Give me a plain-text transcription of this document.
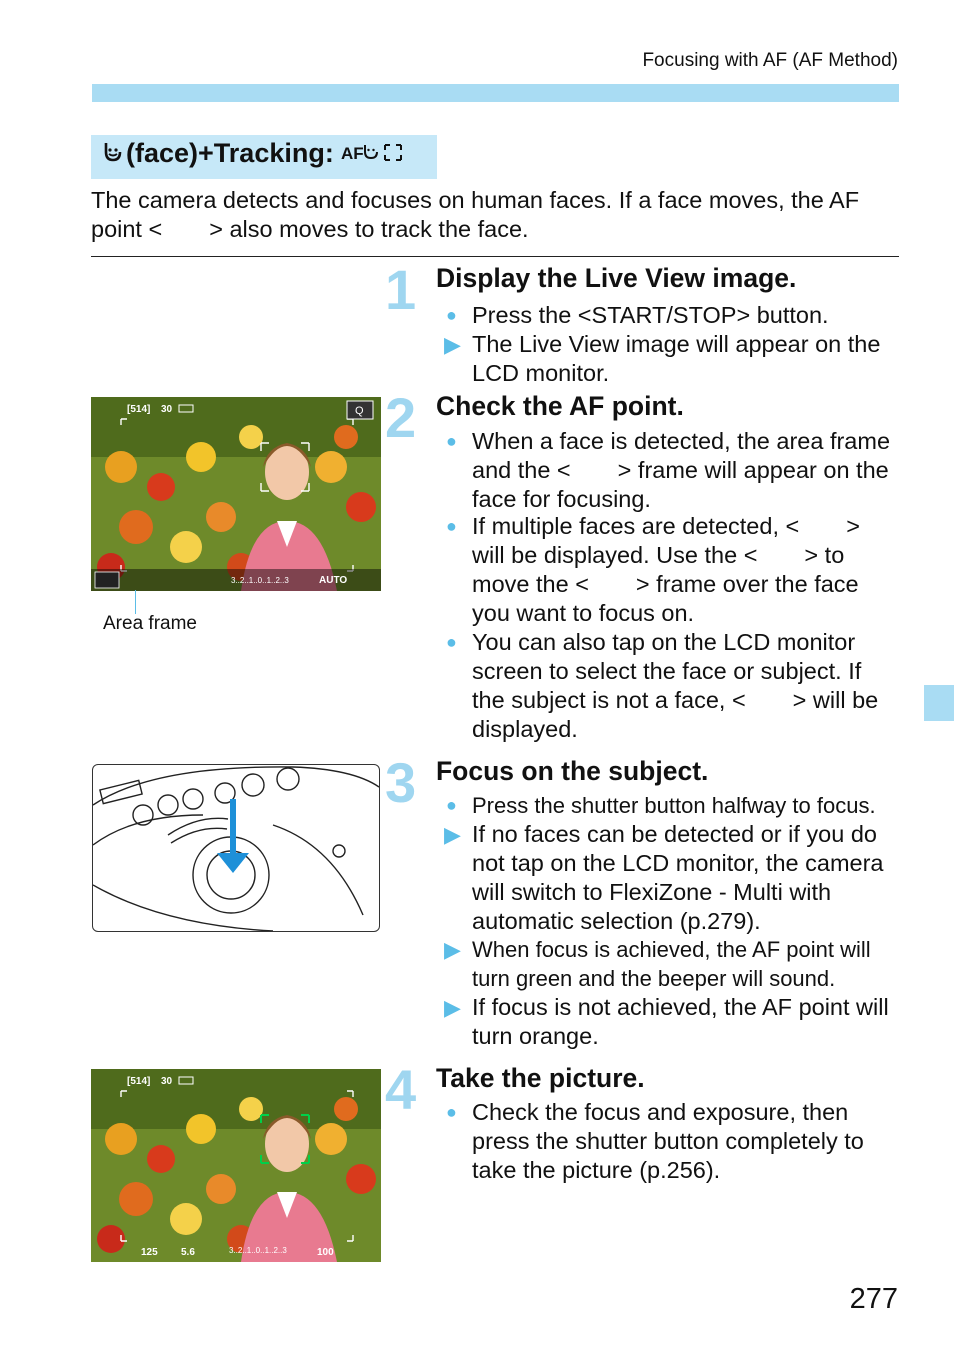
Focusing with AF (AF Method)
(face)+Tracking: AF
The camera detects and focuses on human faces. If a face moves, the AF point <  > also moves to track the face.
1 Display the Live View image.
● Press the <START/STOP> button.
▶ The Live View image will appear on the LCD monitor.
[514] 30	Q
3..2..1..0..1..2..3	AUTO
Area frame
2 Check the AF point.
● When a face is detected, the area frame and the <  > frame will appear on the face for focusing.
● If multiple faces are detected, <  > will be displayed. Use the <  > to move the <  > frame over the face you want to focus on.
● You can also tap on the LCD monitor screen to select the face or subject. If the subject is not a face, <  > will be displayed.
3 Focus on the subject.
● Press the shutter button halfway to focus.
▶ If no faces can be detected or if you do not tap on the LCD monitor, the camera will switch to FlexiZone - Multi with automatic selection (p.279).
▶ When focus is achieved, the AF point will turn green and the beeper will sound.
▶ If focus is not achieved, the AF point will turn orange.
[514] 30
125 5.6	3..2..1..0..1..2..3	100
4 Take the picture.
● Check the focus and exposure, then press the shutter button completely to take the picture (p.256).
277
